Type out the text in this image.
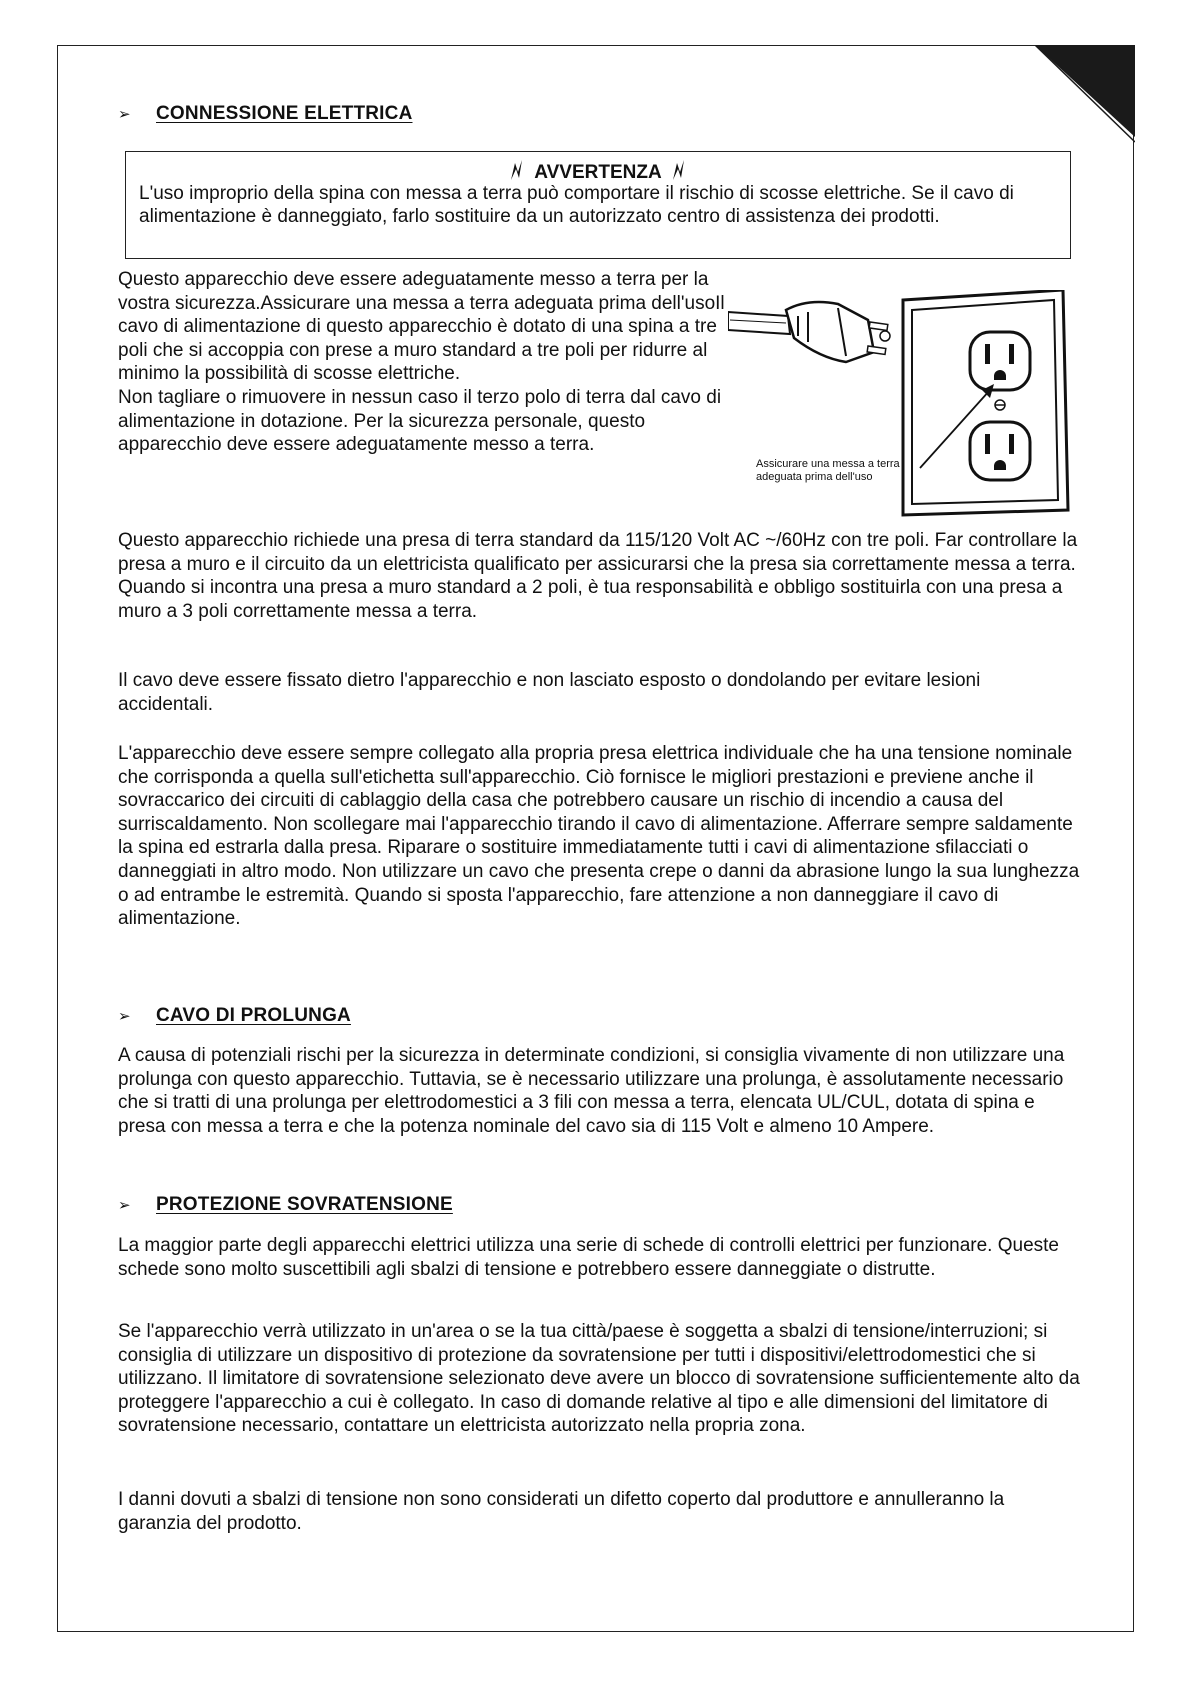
➢	CONNESSIONE ELETTRICA
AVVERTENZA
L'uso improprio della spina con messa a terra può comportare il rischio di scosse elettriche. Se il cavo di alimentazione è danneggiato, farlo sostituire da un autorizzato centro di assistenza dei prodotti.

Questo apparecchio deve essere adeguatamente messo a terra per la vostra sicurezza.Assicurare una messa a terra adeguata prima dell'usoIl cavo di alimentazione di questo apparecchio è dotato di una spina a tre poli che si accoppia con prese a muro standard a tre poli per ridurre al minimo la possibilità di scosse elettriche.

Non tagliare o rimuovere in nessun caso il terzo polo di terra dal cavo di alimentazione in dotazione. Per la sicurezza personale, questo apparecchio deve essere adeguatamente messo a terra.

Assicurare una messa a terra adeguata prima dell'uso
Questo apparecchio richiede una presa di terra standard da 115/120 Volt AC ~/60Hz con tre poli. Far controllare la presa a muro e il circuito da un elettricista qualificato per assicurarsi che la presa sia correttamente messa a terra. Quando si incontra una presa a muro standard a 2 poli, è tua responsabilità e obbligo sostituirla con una presa a muro a 3 poli correttamente messa a terra.
Il cavo deve essere fissato dietro l'apparecchio e non lasciato esposto o dondolando per evitare lesioni accidentali.
L'apparecchio deve essere sempre collegato alla propria presa elettrica individuale che ha una tensione nominale che corrisponda a quella sull'etichetta sull'apparecchio. Ciò fornisce le migliori prestazioni e previene anche il sovraccarico dei circuiti di cablaggio della casa che potrebbero causare un rischio di incendio a causa del surriscaldamento. Non scollegare mai l'apparecchio tirando il cavo di alimentazione. Afferrare sempre saldamente la spina ed estrarla dalla presa. Riparare o sostituire immediatamente tutti i cavi di alimentazione sfilacciati o danneggiati in altro modo. Non utilizzare un cavo che presenta crepe o danni da abrasione lungo la sua lunghezza o ad entrambe le estremità. Quando si sposta l'apparecchio, fare attenzione a non danneggiare il cavo di alimentazione.
➢	CAVO DI PROLUNGA
A causa di potenziali rischi per la sicurezza in determinate condizioni, si consiglia vivamente di non utilizzare una prolunga con questo apparecchio. Tuttavia, se è necessario utilizzare una prolunga, è assolutamente necessario che si tratti di una prolunga per elettrodomestici a 3 fili con messa a terra, elencata UL/CUL, dotata di spina e presa con messa a terra e che la potenza nominale del cavo sia di 115 Volt e almeno 10 Ampere.
➢	PROTEZIONE SOVRATENSIONE
La maggior parte degli apparecchi elettrici utilizza una serie di schede di controlli elettrici per funzionare. Queste schede sono molto suscettibili agli sbalzi di tensione e potrebbero essere danneggiate o distrutte.
Se l'apparecchio verrà utilizzato in un'area o se la tua città/paese è soggetta a sbalzi di tensione/interruzioni; si consiglia di utilizzare un dispositivo di protezione da sovratensione per tutti i dispositivi/elettrodomestici che si utilizzano. Il limitatore di sovratensione selezionato deve avere un blocco di sovratensione sufficientemente alto da proteggere l'apparecchio a cui è collegato. In caso di domande relative al tipo e alle dimensioni del limitatore di sovratensione necessario, contattare un elettricista autorizzato nella propria zona.
I danni dovuti a sbalzi di tensione non sono considerati un difetto coperto dal produttore e annulleranno la garanzia del prodotto.
